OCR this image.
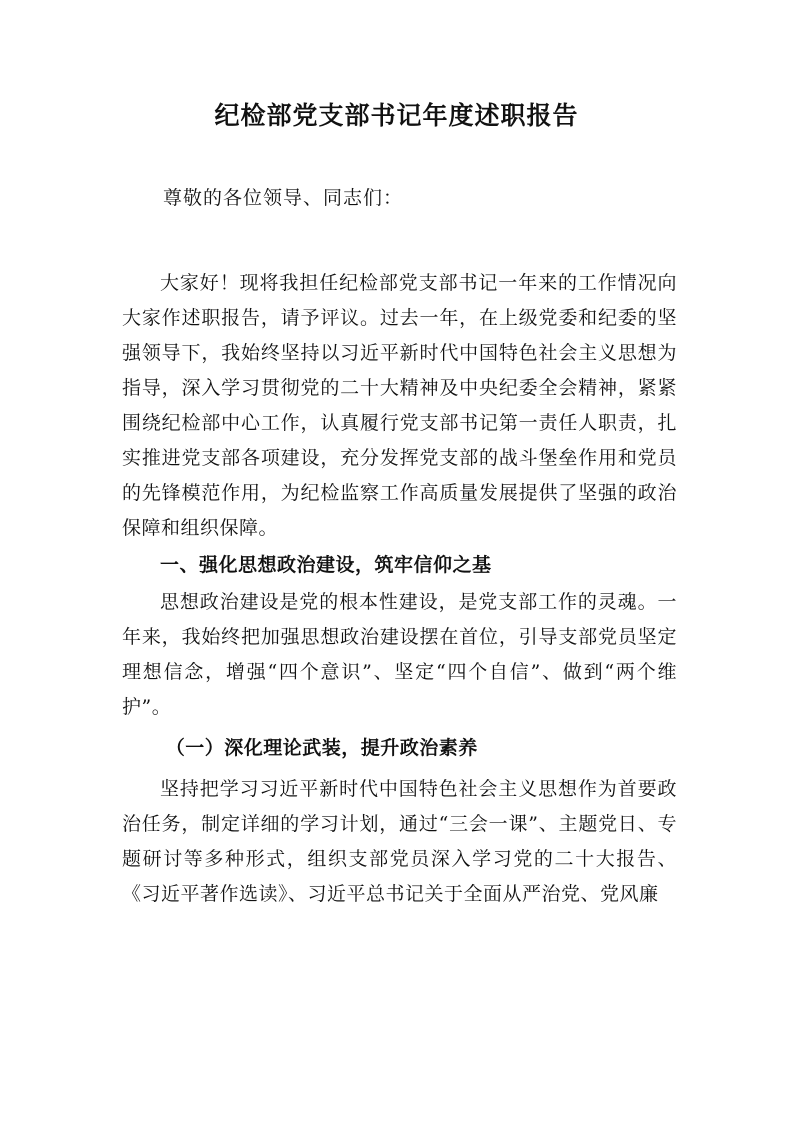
纪检部党支部书记年度述职报告
尊敬的各位领导、同志们：

大家好！现将我担任纪检部党支部书记一年来的工作情况向大家作述职报告，请予评议。过去一年，在上级党委和纪委的坚强领导下，我始终坚持以习近平新时代中国特色社会主义思想为指导，深入学习贯彻党的二十大精神及中央纪委全会精神，紧紧围绕纪检部中心工作，认真履行党支部书记第一责任人职责，扎实推进党支部各项建设，充分发挥党支部的战斗堡垒作用和党员的先锋模范作用，为纪检监察工作高质量发展提供了坚强的政治保障和组织保障。

一、强化思想政治建设，筑牢信仰之基

思想政治建设是党的根本性建设，是党支部工作的灵魂。一年来，我始终把加强思想政治建设摆在首位，引导支部党员坚定理想信念，增强“四个意识”、坚定“四个自信”、做到“两个维护”。

（一）深化理论武装，提升政治素养

坚持把学习习近平新时代中国特色社会主义思想作为首要政治任务，制定详细的学习计划，通过“三会一课”、主题党日、专题研讨等多种形式，组织支部党员深入学习党的二十大报告、《习近平著作选读》、习近平总书记关于全面从严治党、党风廉
